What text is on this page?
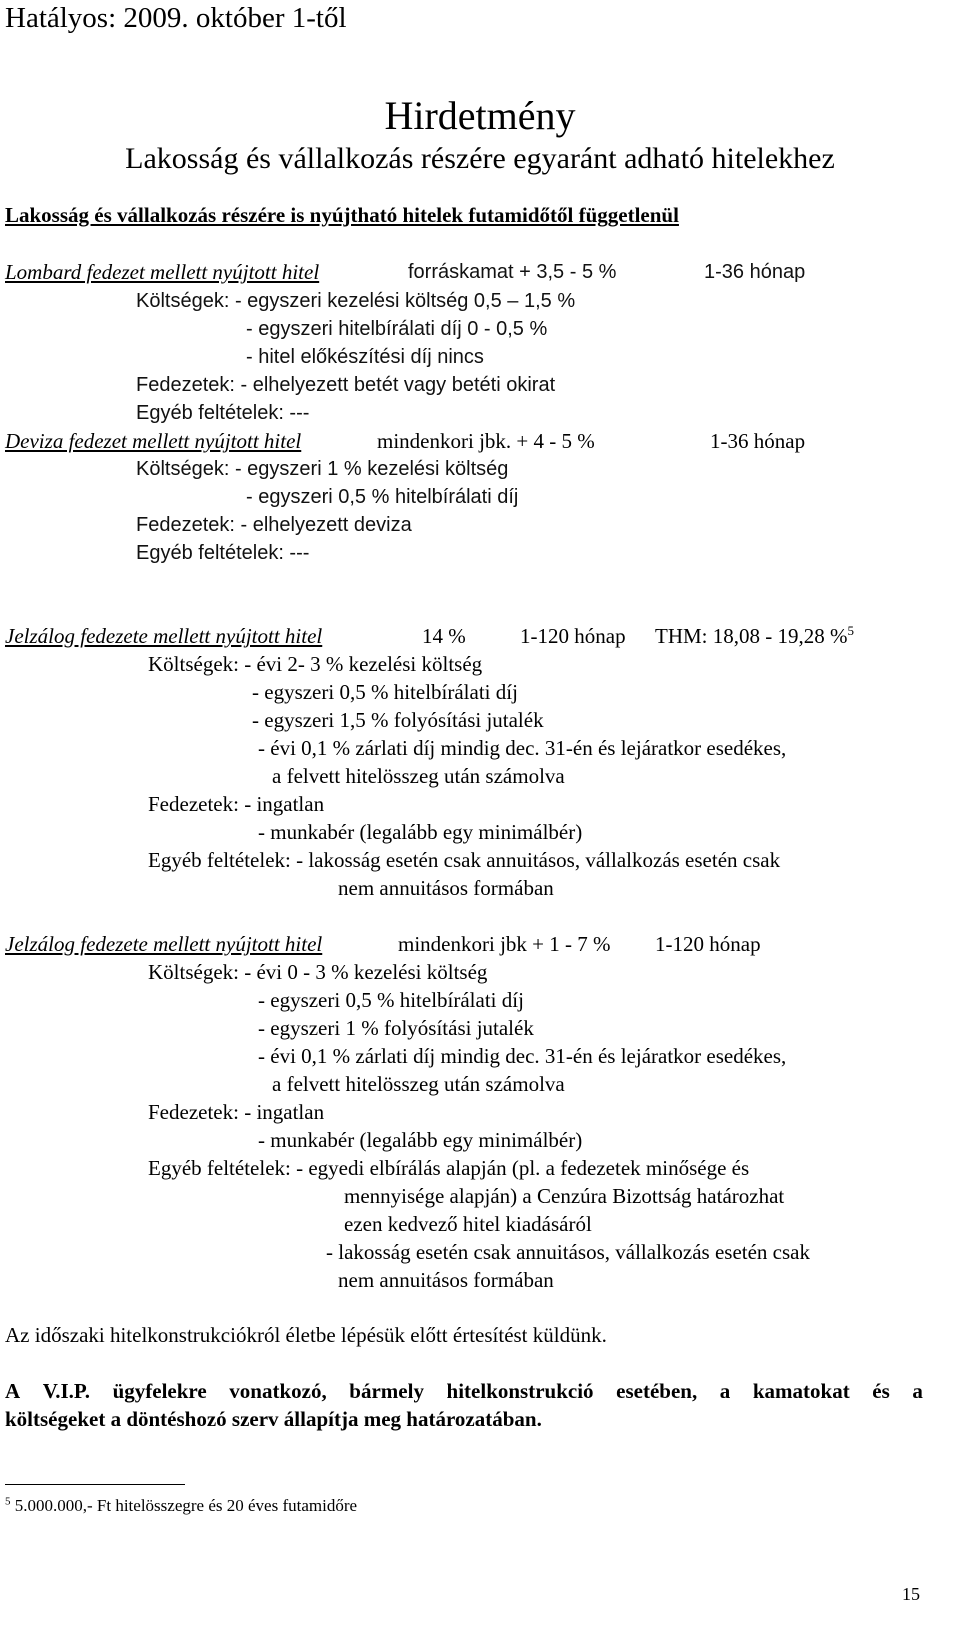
Hatályos: 2009. október 1-től
Hirdetmény
Lakosság és vállalkozás részére egyaránt adható hitelekhez
Lakosság és vállalkozás részére is nyújtható hitelek futamidőtől függetlenül
Lombard fedezet mellett nyújtott hitel	forráskamat + 3,5 - 5 %	1-36 hónap
Költségek: - egyszeri kezelési költség 0,5 – 1,5 %
- egyszeri hitelbírálati díj 0 - 0,5 %
- hitel előkészítési díj nincs
Fedezetek: - elhelyezett betét vagy betéti okirat
Egyéb feltételek: ---
Deviza fedezet mellett nyújtott hitel	mindenkori jbk. + 4 - 5 %	1-36 hónap
Költségek: - egyszeri 1 % kezelési költség
- egyszeri 0,5 % hitelbírálati díj
Fedezetek: - elhelyezett deviza
Egyéb feltételek: ---
Jelzálog fedezete mellett nyújtott hitel	14 %	1-120 hónap THM: 18,08 - 19,28 %$^5$
Költségek: - évi 2- 3 % kezelési költség
- egyszeri 0,5 % hitelbírálati díj
- egyszeri 1,5 % folyósítási jutalék
- évi 0,1 % zárlati díj mindig dec. 31-én és lejáratkor esedékes,
a felvett hitelösszeg után számolva
Fedezetek: - ingatlan
- munkabér (legalább egy minimálbér)
Egyéb feltételek: - lakosság esetén csak annuitásos, vállalkozás esetén csak
nem annuitásos formában
Jelzálog fedezete mellett nyújtott hitel	mindenkori jbk + 1 - 7 % 1-120 hónap
Költségek: - évi 0 - 3 % kezelési költség
- egyszeri 0,5 % hitelbírálati díj
- egyszeri 1 % folyósítási jutalék
- évi 0,1 % zárlati díj mindig dec. 31-én és lejáratkor esedékes,
a felvett hitelösszeg után számolva
Fedezetek: - ingatlan
- munkabér (legalább egy minimálbér)
Egyéb feltételek: - egyedi elbírálás alapján (pl. a fedezetek minősége és
mennyisége alapján) a Cenzúra Bizottság határozhat
ezen kedvező hitel kiadásáról
- lakosság esetén csak annuitásos, vállalkozás esetén csak
nem annuitásos formában
Az időszaki hitelkonstrukciókról életbe lépésük előtt értesítést küldünk.
A V.I.P. ügyfelekre vonatkozó, bármely hitelkonstrukció esetében, a kamatokat és a
költségeket a döntéshozó szerv állapítja meg határozatában.
$^5$ 5.000.000,- Ft hitelösszegre és 20 éves futamidőre
15
